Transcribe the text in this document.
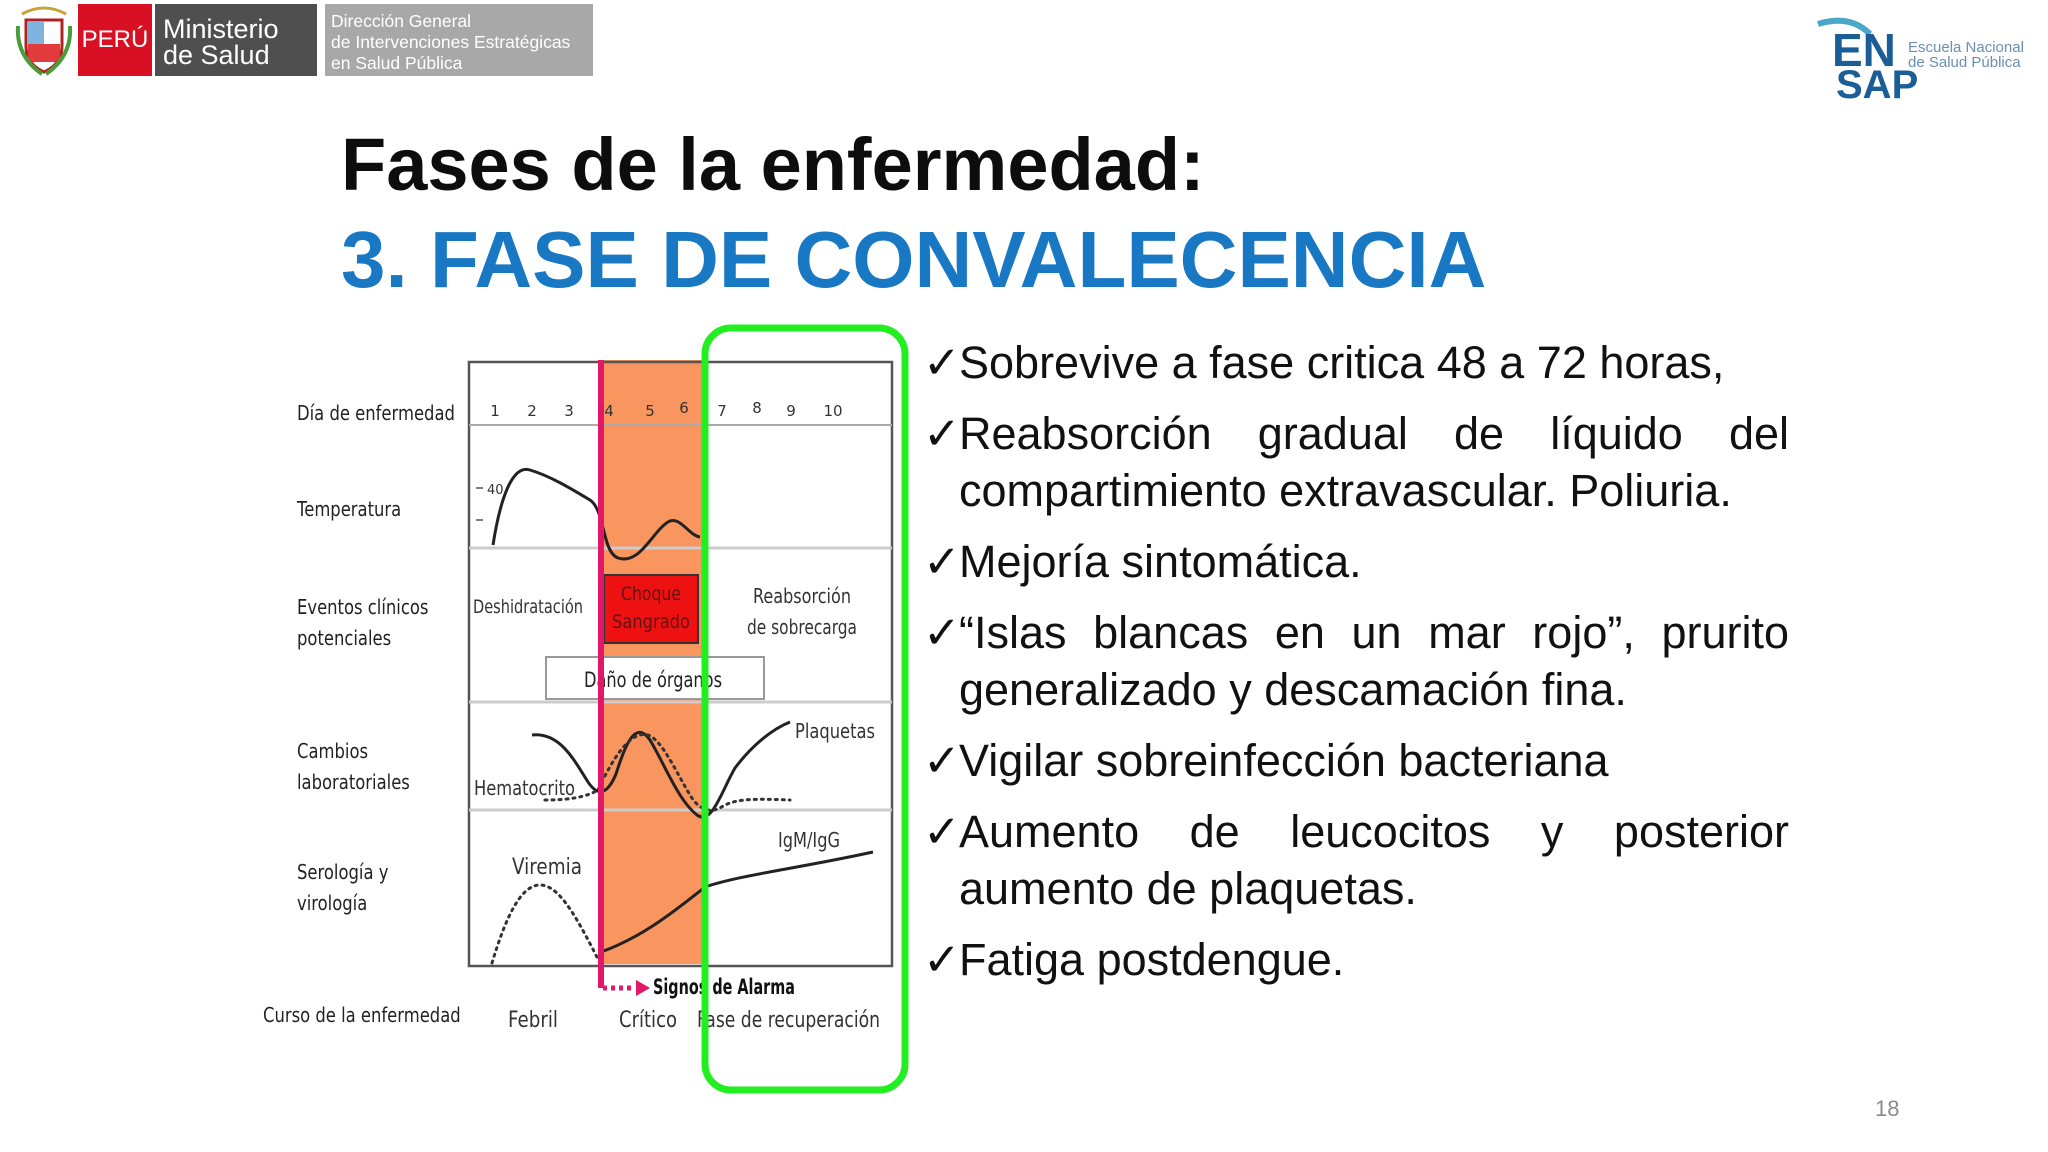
PERÚ Ministerio
de Salud
Dirección General
de Intervenciones Estratégicas
en Salud Pública	EN
SAP
Escuela Nacional
de Salud Pública
Fases de la enfermedad:
3. FASE DE CONVALECENCIA
Día de enfermedad
Temperatura
Eventos clínicos
potenciales
Cambios
laboratoriales
Serología y
virología
Curso de la enfermedad
1 2 3 4 5 6 7 8 9 10
40
Deshidratación
Choque
Sangrado
Reabsorción
de sobrecarga
Daño de órganos
Plaquetas
Hematocrito
IgM/IgG
Viremia
Signos de Alarma
Febril	Crítico Fase de recuperación
✓
Sobrevive a fase critica 48 a 72 horas,
✓
Reabsorción gradual de líquido del compartimiento extravascular. Poliuria.
✓
Mejoría sintomática.
✓
“Islas blancas en un mar rojo”, prurito generalizado y descamación fina.
✓
Vigilar sobreinfección bacteriana
✓
Aumento de leucocitos y posterior aumento de plaquetas.
✓
Fatiga postdengue.
18
